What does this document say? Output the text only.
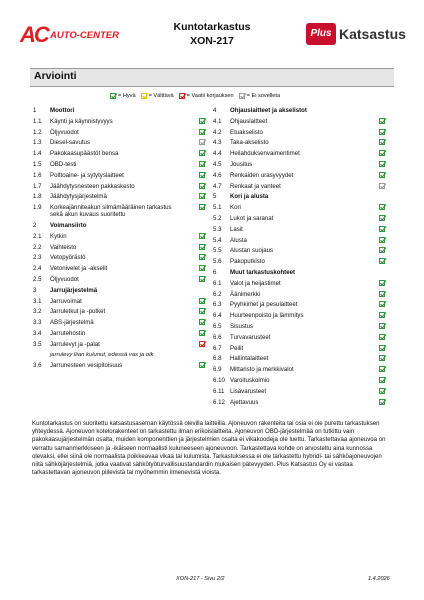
AC AUTO-CENTER
Kuntotarkastus
XON-217
Plus Katsastus
Arviointi
= Hyvä = Välttävä = Vaatii korjauksen = Ei sovelleta
1 Moottori
1.1 Käynti ja käynnistyvyys
1.2 Öljyvuodot
1.3 Diesel-savutus
1.4 Pakokaasupäästöt bensa
1.5 OBD-testi
1.6 Polttoaine- ja sytytyslaitteet
1.7 Jäähdytysnesteen pakkaskesto
1.8 Jäähdytysjärjestelmä
1.9 Korkeajänniteakun silmämääräinen tarkastus
sekä akun kuvaus suoritettu
2 Voimansiirto
2.1 Kytkin
2.2 Vaihteisto
2.3 Vetopyörästö
2.4 Vetonivelet ja -akselit
2.5 Öljyvuodot
3 Jarrujärjestelmä
3.1 Jarruvoimat
3.2 Jarruletkut ja -putket
3.3 ABS-järjestelmä
3.4 Jarrutehostin
3.5 Jarrulevyt ja -palat
jarrulevy liian kulunut, edessä vas ja oik
3.6 Jarrunesteen vesipitoisuus
4 Ohjauslaitteet ja akselistot
4.1 Ohjauslaitteet
4.2 Etuakselisto
4.3 Taka-akselisto
4.4 Heilahduksenvaimentimet
4.5 Jousitus
4.6 Renkaiden urasyvyydet
4.7 Renkaat ja vanteet
5 Kori ja alusta
5.1 Kori
5.2 Lukot ja saranat
5.3 Lasit
5.4 Alusta
5.5 Alustan suojaus
5.6 Pakoputkisto
6 Muut tarkastuskohteet
6.1 Valot ja heijastimet
6.2 Äänimerkki
6.3 Pyyhkimet ja pesulaitteet
6.4 Huurteenpoisto ja lämmitys
6.5 Sisustus
6.6 Turvavarusteet
6.7 Peilit
6.8 Hallintalaitteet
6.9 Mittaristo ja merkkivalot
6.10 Varoituskolmio
6.11 Lisävarusteet
6.12 Ajettavuus
Kuntotarkastus on suoritettu katsastusaseman käytössä olevilla laitteilla. Ajoneuvon rakenteita tai osia ei ole purettu tarkastuksen yhteydessä. Ajoneuvon kotelorakenteet on tarkastettu ilman erikoislaitteita. Ajoneuvon OBD-järjestelmää on tutkittu vain pakokaasujärjestelmän osalta, muiden komponenttien ja järjestelmien osalta ei vikakoodeja ole luettu. Tarkastettavaa ajoneuvoa on verrattu samanmerkkiseen ja -ikäiseen normaalisti kuluneeseen ajoneuvoon. Tarkastettava kohde on arvosteltu aina kunnossa olevaksi, ellei siinä ole normaalista poikkeavaa vikaa tai kulumista. Tarkastuksessa ei ole tarkastettu hybridi- tai sähköajoneuvojen niitä sähköjärjestelmiä, jotka vaativat sähkötyöturvallisuustandardin mukaisen pätevyyden. Plus Katsastus Oy ei vastaa tarkastettavan ajoneuvon piilevistä tai myöhemmin ilmenevistä vioista.
XON-217 - Sivu 2/2	1.4.2026
